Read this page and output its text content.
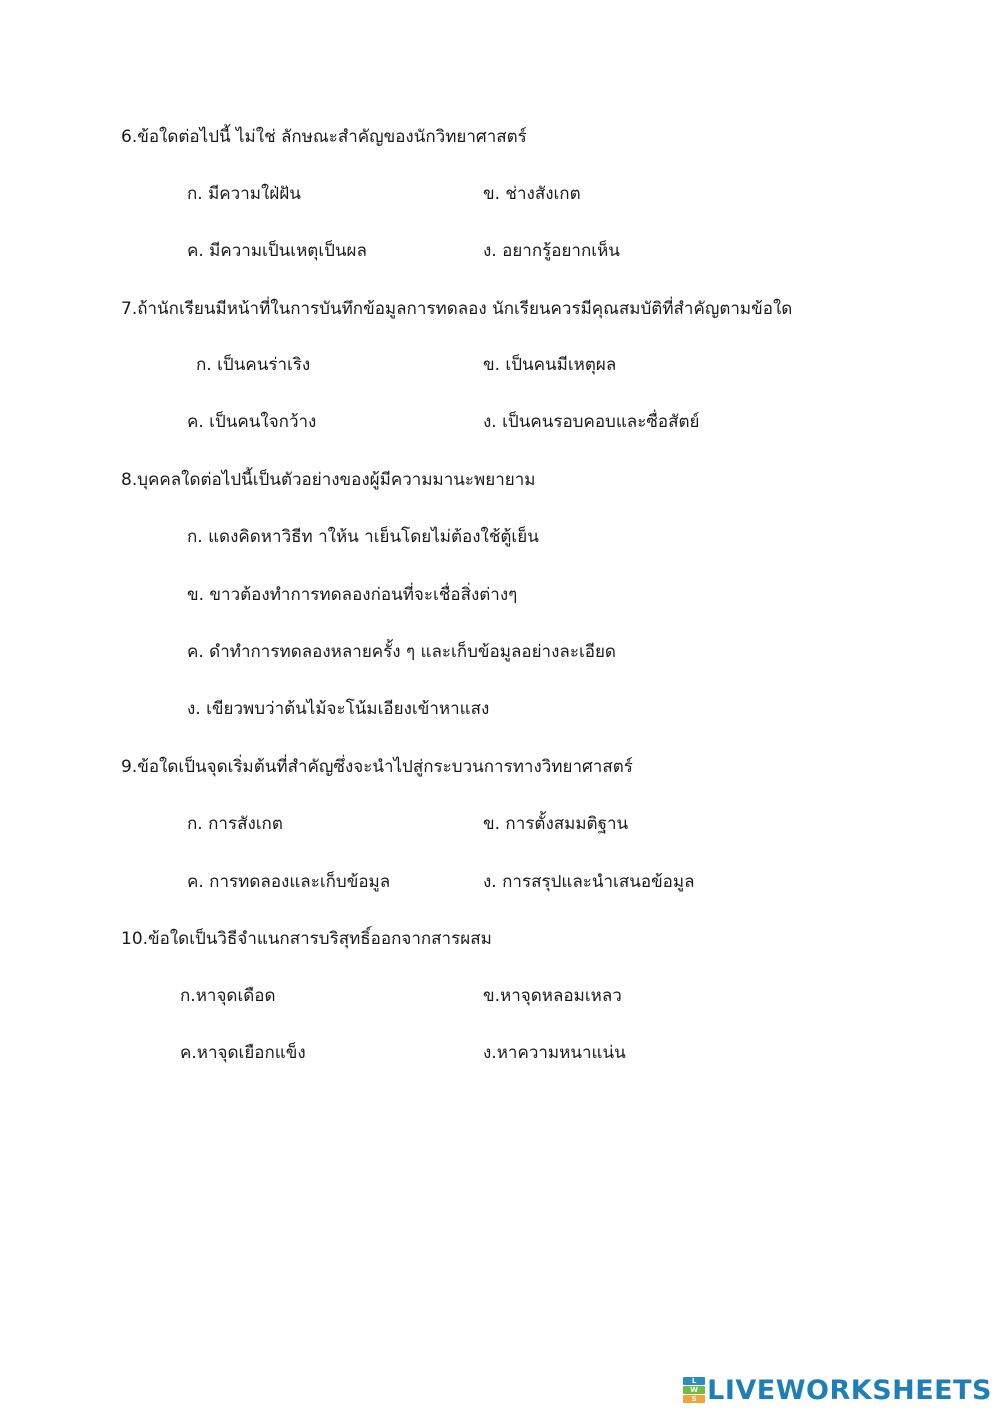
6.ข้อใดต่อไปนี้ ไม่ใช่ ลักษณะสำคัญของนักวิทยาศาสตร์
ก. มีความใฝ่ฝัน	ข. ช่างสังเกต
ค. มีความเป็นเหตุเป็นผล	ง. อยากรู้อยากเห็น
7.ถ้านักเรียนมีหน้าที่ในการบันทึกข้อมูลการทดลอง นักเรียนควรมีคุณสมบัติที่สำคัญตามข้อใด
ก. เป็นคนร่าเริง	ข. เป็นคนมีเหตุผล
ค. เป็นคนใจกว้าง	ง. เป็นคนรอบคอบและซื่อสัตย์
8.บุคคลใดต่อไปนี้เป็นตัวอย่างของผู้มีความมานะพยายาม
ก. แดงคิดหาวิธีท าให้น าเย็นโดยไม่ต้องใช้ตู้เย็น
ข. ขาวต้องทำการทดลองก่อนที่จะเชื่อสิ่งต่างๆ
ค. ดำทำการทดลองหลายครั้ง ๆ และเก็บข้อมูลอย่างละเอียด
ง. เขียวพบว่าต้นไม้จะโน้มเอียงเข้าหาแสง
9.ข้อใดเป็นจุดเริ่มต้นที่สำคัญซึ่งจะนำไปสู่กระบวนการทางวิทยาศาสตร์
ก. การสังเกต	ข. การตั้งสมมติฐาน
ค. การทดลองและเก็บข้อมูล	ง. การสรุปและนำเสนอข้อมูล
10.ข้อใดเป็นวิธีจำแนกสารบริสุทธิ์ออกจากสารผสม
ก.หาจุดเดือด	ข.หาจุดหลอมเหลว
ค.หาจุดเยือกแข็ง	ง.หาความหนาแน่น
L
W
S LIVEWORKSHEETS
